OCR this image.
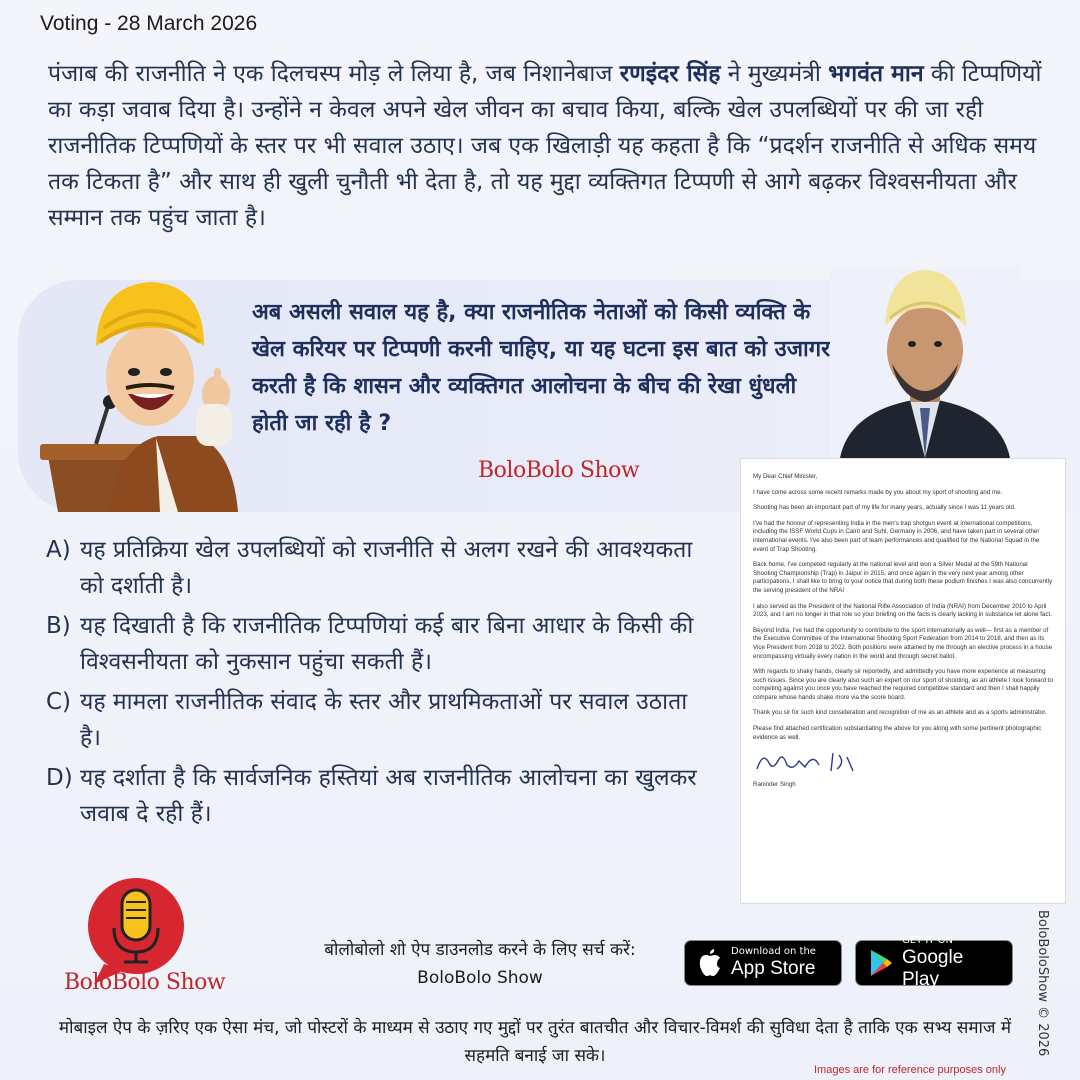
Voting - 28 March 2026
पंजाब की राजनीति ने एक दिलचस्प मोड़ ले लिया है, जब निशानेबाज रणइंदर सिंह ने मुख्यमंत्री भगवंत मान की टिप्पणियों का कड़ा जवाब दिया है। उन्होंने न केवल अपने खेल जीवन का बचाव किया, बल्कि खेल उपलब्धियों पर की जा रही राजनीतिक टिप्पणियों के स्तर पर भी सवाल उठाए। जब एक खिलाड़ी यह कहता है कि “प्रदर्शन राजनीति से अधिक समय तक टिकता है” और साथ ही खुली चुनौती भी देता है, तो यह मुद्दा व्यक्तिगत टिप्पणी से आगे बढ़कर विश्वसनीयता और सम्मान तक पहुंच जाता है।
अब असली सवाल यह है, क्या राजनीतिक नेताओं को किसी व्यक्ति के खेल करियर पर टिप्पणी करनी चाहिए, या यह घटना इस बात को उजागर करती है कि शासन और व्यक्तिगत आलोचना के बीच की रेखा धुंधली होती जा रही है ?
BoloBolo Show
A) यह प्रतिक्रिया खेल उपलब्धियों को राजनीति से अलग रखने की आवश्यकता को दर्शाती है।
B) यह दिखाती है कि राजनीतिक टिप्पणियां कई बार बिना आधार के किसी की विश्वसनीयता को नुकसान पहुंचा सकती हैं।
C) यह मामला राजनीतिक संवाद के स्तर और प्राथमिकताओं पर सवाल उठाता है।
D) यह दर्शाता है कि सार्वजनिक हस्तियां अब राजनीतिक आलोचना का खुलकर जवाब दे रही हैं।

My Dear Chief Minister,

I have come across some recent remarks made by you about my sport of shooting and me.

Shooting has been an important part of my life for many years, actually since I was 11 years old.

I've had the honour of representing India in the men's trap shotgun event at international competitions, including the ISSF World Cups in Cairo and Suhl, Germany in 2006, and have taken part in several other international events. I've also been part of team performances and qualified for the National Squad in the event of Trap Shooting.

Back home, I've competed regularly at the national level and won a Silver Medal at the 59th National Shooting Championship (Trap) in Jaipur in 2015, and once again in the very next year among other participations. I shall like to bring to your notice that during both these podium finishes I was also concurrently the serving president of the NRAI

I also served as the President of the National Rifle Association of India (NRAI) from December 2010 to April 2023, and I am no longer in that role so your briefing on the facts is clearly lacking in substance let alone fact.

Beyond India, I've had the opportunity to contribute to the sport internationally as well— first as a member of the Executive Committee of the International Shooting Sport Federation from 2014 to 2018, and then as its Vice President from 2018 to 2022. Both positions were attained by me through an elective process in a house encompassing virtually every nation in the world and through secret ballot.

With regards to shaky hands, clearly sir reportedly, and admittedly you have more experience at measuring such issues. Since you are clearly also such an expert on our sport of shooting, as an athlete I look forward to competing against you once you have reached the required competitive standard and then I shall happily compare whose hands shake more via the score board.

Thank you sir for such kind consideration and recognition of me as an athlete and as a sports administrator.

Please find attached certification substantiating the above for you along with some pertinent photographic evidence as well.

Raninder Singh
BoloBoloShow © 2026
BoloBolo Show
बोलोबोलो शो ऐप डाउनलोड करने के लिए सर्च करें:
BoloBolo Show
Download on the
App Store
GET IT ON
Google Play
मोबाइल ऐप के ज़रिए एक ऐसा मंच, जो पोस्टरों के माध्यम से उठाए गए मुद्दों पर तुरंत बातचीत और विचार-विमर्श की सुविधा देता है ताकि एक सभ्य समाज में सहमति बनाई जा सके।
Images are for reference purposes only
